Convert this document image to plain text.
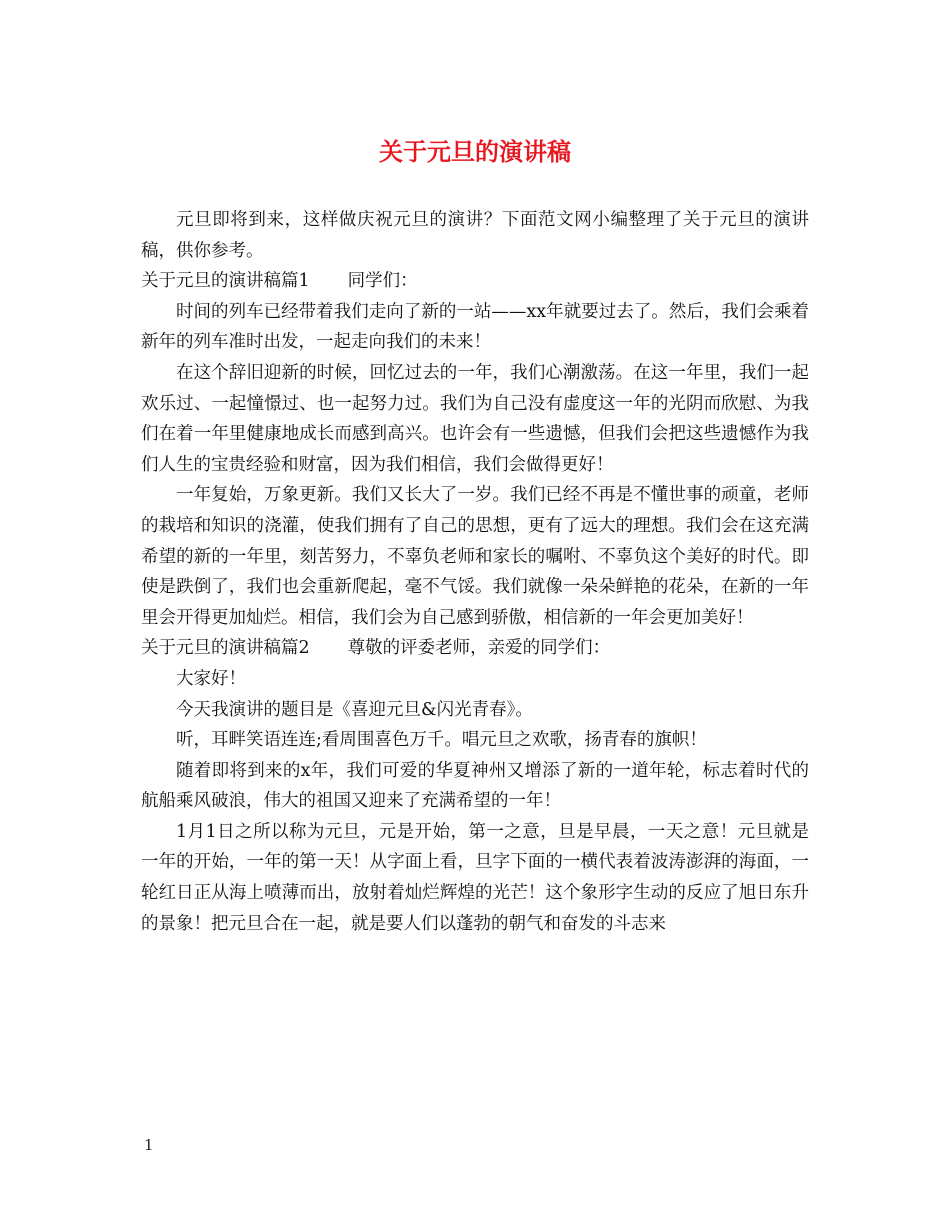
关于元旦的演讲稿

元旦即将到来，这样做庆祝元旦的演讲？下面范文网小编整理了关于元旦的演讲稿，供你参考。

关于元旦的演讲稿篇1 同学们：

时间的列车已经带着我们走向了新的一站——xx年就要过去了。然后，我们会乘着新年的列车准时出发，一起走向我们的未来！

在这个辞旧迎新的时候，回忆过去的一年，我们心潮激荡。在这一年里，我们一起欢乐过、一起憧憬过、也一起努力过。我们为自己没有虚度这一年的光阴而欣慰、为我们在着一年里健康地成长而感到高兴。也许会有一些遗憾，但我们会把这些遗憾作为我们人生的宝贵经验和财富，因为我们相信，我们会做得更好！

一年复始，万象更新。我们又长大了一岁。我们已经不再是不懂世事的顽童，老师的栽培和知识的浇灌，使我们拥有了自己的思想，更有了远大的理想。我们会在这充满希望的新的一年里，刻苦努力，不辜负老师和家长的嘱咐、不辜负这个美好的时代。即使是跌倒了，我们也会重新爬起，毫不气馁。我们就像一朵朵鲜艳的花朵，在新的一年里会开得更加灿烂。相信，我们会为自己感到骄傲，相信新的一年会更加美好！

关于元旦的演讲稿篇2 尊敬的评委老师，亲爱的同学们：

大家好！

今天我演讲的题目是《喜迎元旦&闪光青春》。

听，耳畔笑语连连;看周围喜色万千。唱元旦之欢歌，扬青春的旗帜！

随着即将到来的x年，我们可爱的华夏神州又增添了新的一道年轮，标志着时代的航船乘风破浪，伟大的祖国又迎来了充满希望的一年！

1月1日之所以称为元旦，元是开始，第一之意，旦是早晨，一天之意！元旦就是一年的开始，一年的第一天！从字面上看，旦字下面的一横代表着波涛澎湃的海面，一轮红日正从海上喷薄而出，放射着灿烂辉煌的光芒！这个象形字生动的反应了旭日东升的景象！把元旦合在一起，就是要人们以蓬勃的朝气和奋发的斗志来

1
